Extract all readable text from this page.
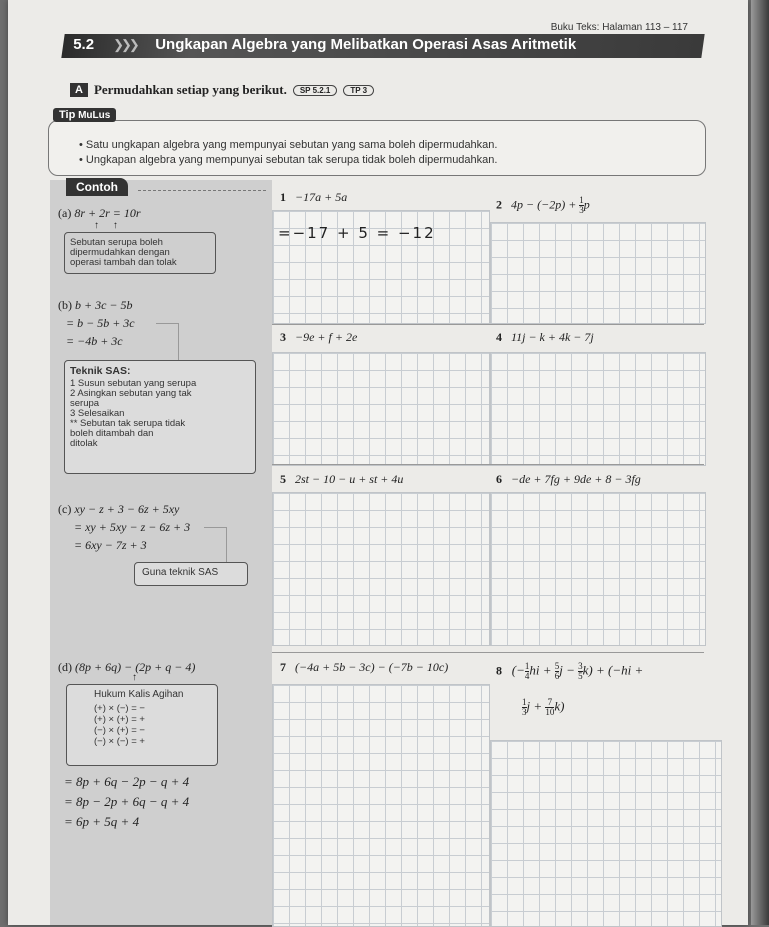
Buku Teks: Halaman 113 – 117
5.2 ❯❯❯ Ungkapan Algebra yang Melibatkan Operasi Asas Aritmetik
A Permudahkan setiap yang berikut.	SP 5.2.1	TP 3
• Satu ungkapan algebra yang mempunyai sebutan yang sama boleh dipermudahkan.
• Ungkapan algebra yang mempunyai sebutan tak serupa tidak boleh dipermudahkan.
Tip MuLus
Contoh
(a) 8r + 2r = 10r
↑     ↑
Sebutan serupa boleh
dipermudahkan dengan
operasi tambah dan tolak
(b) b + 3c − 5b
= b − 5b + 3c
= −4b + 3c
Teknik SAS:
1 Susun sebutan yang serupa
2 Asingkan sebutan yang tak
serupa
3 Selesaikan
** Sebutan tak serupa tidak
boleh ditambah dan
ditolak
(c) xy − z + 3 − 6z + 5xy
= xy + 5xy − z − 6z + 3
= 6xy − 7z + 3
Guna teknik SAS
(d) (8p + 6q) − (2p + q − 4)
↑
Hukum Kalis Agihan
(+) × (−) = −
(+) × (+) = +
(−) × (+) = −
(−) × (−) = +
= 8p + 6q − 2p − q + 4
= 8p − 2p + 6q − q + 4
= 6p + 5q + 4
1 −17a + 5a
=−17 + 5 = −12
2 $4p - (-2p) + \frac{1}{3}$ p
3 −9e + f + 2e	4 11j − k + 4k − 7j
5 2st − 10 − u + st + 4u	6 −de + 7fg + 9de + 8 − 3fg
7 (−4a + 5b − 3c) − (−7b − 10c)	8 (− $\frac{1}{4}$ hi + $\frac{5}{6}$ $j - \frac{3}{5} k) + (-hi$ +
$\frac{1}{3}$ $j + \frac{7}{10} k$)
